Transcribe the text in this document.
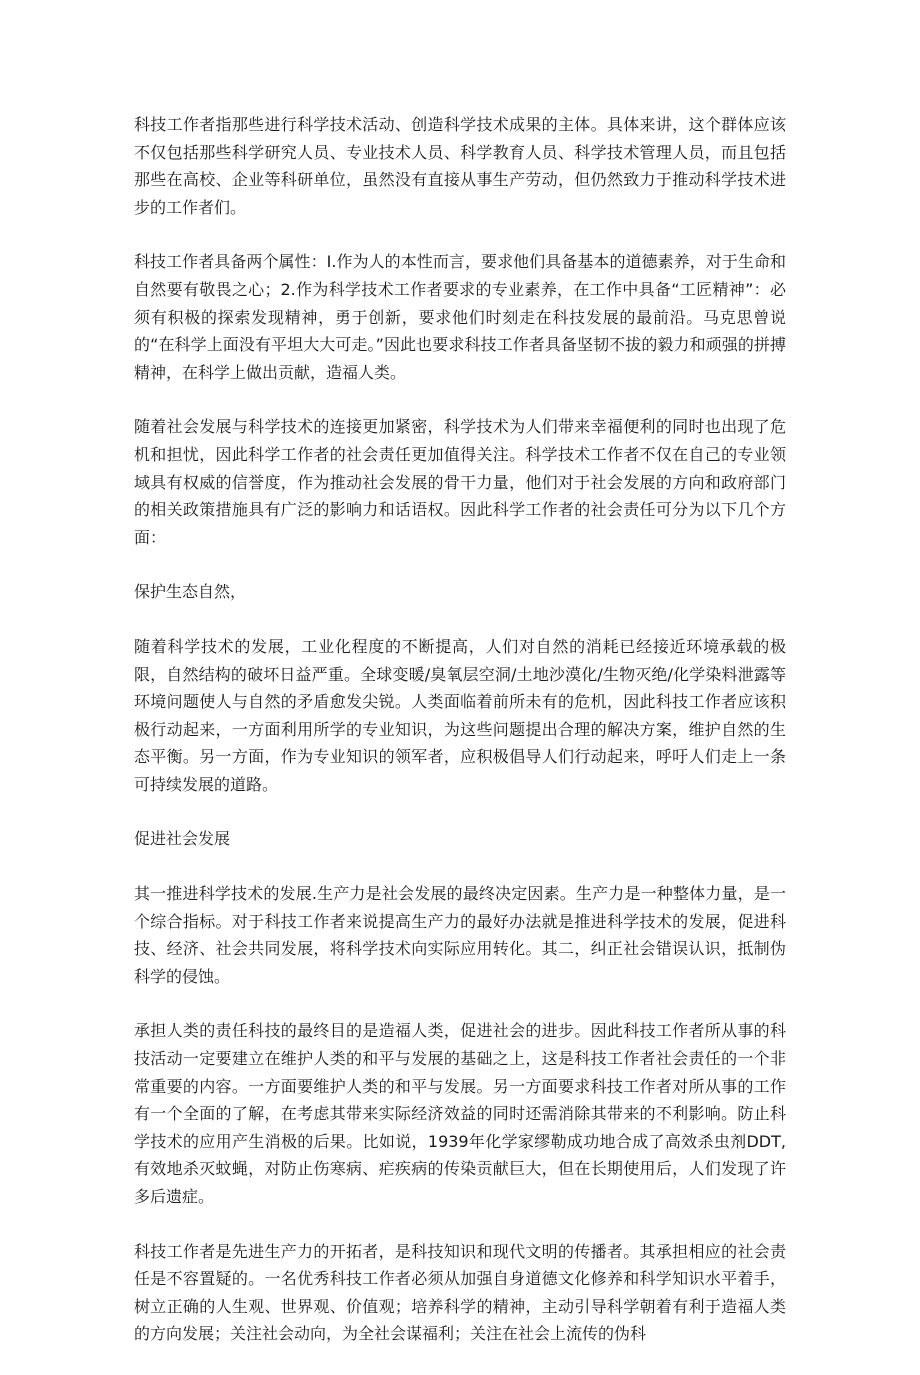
科技工作者指那些进行科学技术活动、创造科学技术成果的主体。具体来讲，这个群体应该不仅包括那些科学研究人员、专业技术人员、科学教育人员、科学技术管理人员，而且包括那些在高校、企业等科研单位，虽然没有直接从事生产劳动，但仍然致力于推动科学技术进步的工作者们。

科技工作者具备两个属性：I.作为人的本性而言，要求他们具备基本的道德素养，对于生命和自然要有敬畏之心；2.作为科学技术工作者要求的专业素养，在工作中具备“工匠精神”：必须有积极的探索发现精神，勇于创新，要求他们时刻走在科技发展的最前沿。马克思曾说的“在科学上面没有平坦大大可走。”因此也要求科技工作者具备坚韧不拔的毅力和顽强的拼搏精神，在科学上做出贡献，造福人类。

随着社会发展与科学技术的连接更加紧密，科学技术为人们带来幸福便利的同时也出现了危机和担忧，因此科学工作者的社会责任更加值得关注。科学技术工作者不仅在自己的专业领域具有权威的信誉度，作为推动社会发展的骨干力量，他们对于社会发展的方向和政府部门的相关政策措施具有广泛的影响力和话语权。因此科学工作者的社会责任可分为以下几个方面：

保护生态自然，

随着科学技术的发展，工业化程度的不断提高，人们对自然的消耗已经接近环境承载的极限，自然结构的破坏日益严重。全球变暖/臭氧层空洞/土地沙漠化/生物灭绝/化学染料泄露等环境问题使人与自然的矛盾愈发尖锐。人类面临着前所未有的危机，因此科技工作者应该积极行动起来，一方面利用所学的专业知识，为这些问题提出合理的解决方案，维护自然的生态平衡。另一方面，作为专业知识的领军者，应积极倡导人们行动起来，呼吁人们走上一条可持续发展的道路。

促进社会发展

其一推进科学技术的发展.生产力是社会发展的最终决定因素。生产力是一种整体力量，是一个综合指标。对于科技工作者来说提高生产力的最好办法就是推进科学技术的发展，促进科技、经济、社会共同发展，将科学技术向实际应用转化。其二，纠正社会错误认识，抵制伪科学的侵蚀。

承担人类的责任科技的最终目的是造福人类，促进社会的进步。因此科技工作者所从事的科技活动一定要建立在维护人类的和平与发展的基础之上，这是科技工作者社会责任的一个非常重要的内容。一方面要维护人类的和平与发展。另一方面要求科技工作者对所从事的工作有一个全面的了解，在考虑其带来实际经济效益的同时还需消除其带来的不利影响。防止科学技术的应用产生消极的后果。比如说，1939年化学家缪勒成功地合成了高效杀虫剂DDT,有效地杀灭蚊蝇，对防止伤寒病、疟疾病的传染贡献巨大，但在长期使用后，人们发现了许多后遗症。

科技工作者是先进生产力的开拓者，是科技知识和现代文明的传播者。其承担相应的社会责任是不容置疑的。一名优秀科技工作者必须从加强自身道德文化修养和科学知识水平着手，树立正确的人生观、世界观、价值观；培养科学的精神，主动引导科学朝着有利于造福人类的方向发展；关注社会动向，为全社会谋福利；关注在社会上流传的伪科
